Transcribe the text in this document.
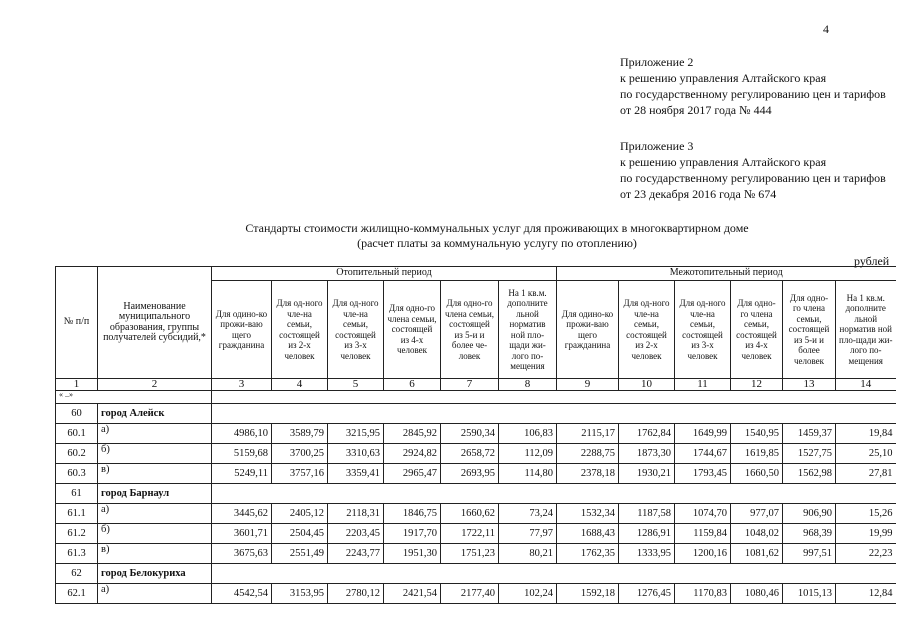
4
Приложение 2
к решению управления Алтайского края
по государственному регулированию цен и тарифов
от 28 ноября 2017 года № 444
Приложение 3
к решению управления Алтайского края
по государственному регулированию цен и тарифов
от 23 декабря 2016 года № 674
Стандарты стоимости жилищно-коммунальных услуг для проживающих в многоквартирном доме
(расчет платы за коммунальную услугу по отоплению)
рублей
№ п/п	Наименование муниципального образования, группы получателей субсидий,*	Отопительный период						Межотопительный период					
		Для одино-ко прожи-ваю щего гражданина	Для од-ного чле-на семьи, состоящей из 2-х человек	Для од-ного чле-на семьи, состоящей из 3-х человек	Для одно-го члена семьи, состоящей из 4-х человек	Для одно-го члена семьи, состоящей из 5-и и более че-ловек	На 1 кв.м. дополните льной норматив ной пло-щади жи-лого по-мещения	Для одино-ко прожи-ваю щего гражданина	Для од-ного чле-на семьи, состоящей из 2-х человек	Для од-ного чле-на семьи, состоящей из 3-х человек	Для одно-го члена семьи, состоящей из 4-х человек	Для одно-го члена семьи, состоящей из 5-и и более человек	На 1 кв.м. дополните льной норматив ной пло-щади жи-лого по-мещения
1	2	3	4	5	6	7	8	9	10	11	12	13	14
« ..»													
60	город Алейск												
60.1	а)	4986,10	3589,79	3215,95	2845,92	2590,34	106,83	2115,17	1762,84	1649,99	1540,95	1459,37	19,84
60.2	б)	5159,68	3700,25	3310,63	2924,82	2658,72	112,09	2288,75	1873,30	1744,67	1619,85	1527,75	25,10
60.3	в)	5249,11	3757,16	3359,41	2965,47	2693,95	114,80	2378,18	1930,21	1793,45	1660,50	1562,98	27,81
61	город Барнаул												
61.1	а)	3445,62	2405,12	2118,31	1846,75	1660,62	73,24	1532,34	1187,58	1074,70	977,07	906,90	15,26
61.2	б)	3601,71	2504,45	2203,45	1917,70	1722,11	77,97	1688,43	1286,91	1159,84	1048,02	968,39	19,99
61.3	в)	3675,63	2551,49	2243,77	1951,30	1751,23	80,21	1762,35	1333,95	1200,16	1081,62	997,51	22,23
62	город Белокуриха												
62.1	а)	4542,54	3153,95	2780,12	2421,54	2177,40	102,24	1592,18	1276,45	1170,83	1080,46	1015,13	12,84
